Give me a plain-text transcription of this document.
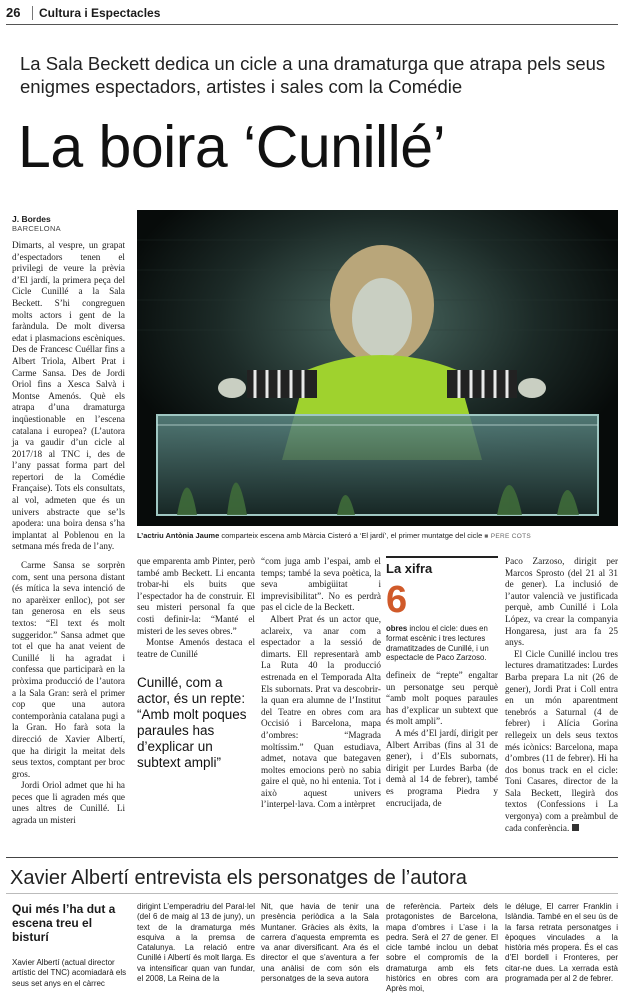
26	Cultura i Espectacles
La Sala Beckett dedica un cicle a una dramaturga que atrapa pels seus enigmes espectadors, artistes i sales com la Comédie
La boira ‘Cunillé’
J. Bordes
BARCELONA

Dimarts, al vespre, un grapat d’espectadors tenen el privilegi de veure la prèvia d’El jardí, la primera peça del Cicle Cunillé a la Sala Beckett. S’hi congreguen molts actors i gent de la faràndula. De molt diversa edat i plasmacions escèniques. Des de Francesc Cuéllar fins a Albert Triola, Albert Prat i Carme Sansa. Des de Jordi Oriol fins a Xesca Salvà i Montse Amenós. Què els atrapa d’una dramaturga inqüestionable en l’escena catalana i europea? (L’autora ja va gaudir d’un cicle al 2017/18 al TNC i, des de l’any passat forma part del repertori de la Comédie Française). Tots els consultats, al vol, admeten que és un univers abstracte que se’ls apodera: una boira densa s’ha implantat al Poblenou en la setmana més freda de l’any.

Carme Sansa se sorprèn com, sent una persona distant (és mítica la seva intenció de no aparèixer enlloc), pot ser tan generosa en els seus textos: “El text és molt suggeridor.” Sansa admet que tot el que ha anat veient de Cunillé li ha agradat i confessa que participarà en la pròxima producció de l’autora a la Sala Gran: serà el primer cop que una autora contemporània catalana pugi a la Gran. Ho farà sota la direcció de Xavier Albertí, que ha dirigit la meitat dels seus textos, comptant per broc gros.

Jordi Oriol admet que hi ha peces que li agraden més que unes altres de Cunillé. Li agrada un misteri

L’actriu Antònia Jaume comparteix escena amb Màrcia Cisteró a ‘El jardí’, el primer muntatge del cicle ■ PERE COTS

que emparenta amb Pinter, però també amb Beckett. Li encanta trobar-hi els buits que l’espectador ha de construir. El seu misteri personal fa que costi definir-la: “Manté el misteri de les seves obres.”

Montse Amenós destaca el teatre de Cunillé

Cunillé, com a actor, és un repte: “Amb molt poques paraules has d’explicar un subtext ampli”

“com juga amb l’espai, amb el temps; també la seva poètica, la seva ambigüitat i imprevisibilitat”. No es perdrà pas el cicle de la Beckett.

Albert Prat és un actor que, aclareix, va anar com a espectador a la sessió de dimarts. Ell representarà amb La Ruta 40 la producció estrenada en el Temporada Alta Els subornats. Prat va descobrir-la quan era alumne de l’Institut del Teatre en obres com ara Occisió i Barcelona, mapa d’ombres: “Magrada moltíssim.” Quan estudiava, admet, notava que bategaven moltes emocions però no sabia gaire el què, no hi entenia. Tot i això aquest univers l’interpel·lava. Com a intèrpret

La xifra
6
obres inclou el cicle: dues en format escènic i tres lectures dramatitzades de Cunillé, i un espectacle de Paco Zarzoso.

defineix de “repte” engaltar un personatge seu perquè “amb molt poques paraules has d’explicar un subtext que és molt ampli”.

A més d’El jardí, dirigit per Albert Arribas (fins al 31 de gener), i d’Els subornats, dirigit per Lurdes Barba (de demà al 14 de febrer), també es programa Piedra y encrucijada, de

Paco Zarzoso, dirigit per Marcos Sprosto (del 21 al 31 de gener). La inclusió de l’autor valencià ve justificada perquè, amb Cunillé i Lola López, va crear la companyia Hongaresa, just ara fa 25 anys.

El Cicle Cunillé inclou tres lectures dramatitzades: Lurdes Barba prepara La nit (26 de gener), Jordi Prat i Coll entra en un món aparentment tenebrós a Saturnal (4 de febrer) i Alícia Gorina rellegeix un dels seus textos més icònics: Barcelona, mapa d’ombres (11 de febrer). Hi ha dos bonus track en el cicle: Toni Casares, director de la Sala Beckett, llegirà dos textos (Confessions i La vergonya) com a preàmbul de cada conferència.

Xavier Albertí entrevista els personatges de l’autora
Qui més l’ha dut a escena treu el bisturí
Xavier Albertí (actual director artístic del TNC) acomiadarà els seus set anys en el càrrec
dirigint L’emperadriu del Paral·lel (del 6 de maig al 13 de juny), un text de la dramaturga més esquiva a la premsa de Catalunya. La relació entre Cunillé i Albertí és molt llarga. Es va intensificar quan van fundar, el 2008, La Reina de la
Nit, que havia de tenir una presència periòdica a la Sala Muntaner. Gràcies als èxits, la carrera d’aquesta empremta es va anar diversificant. Ara és el director el que s’aventura a fer una anàlisi de com són els personatges de la seva autora
de referència. Parteix dels protagonistes de Barcelona, mapa d’ombres i L’ase i la pedra. Serà el 27 de gener. El cicle també inclou un debat sobre el compromís de la dramaturga amb els fets històrics en obres com ara Après moi,
le déluge, El carrer Franklin i Islàndia. També en el seu ús de la farsa retrata personatges i èpoques vinculades a la història més propera. És el cas d’El bordell i Fronteres, per citar-ne dues. La xerrada està programada per al 2 de febrer.
